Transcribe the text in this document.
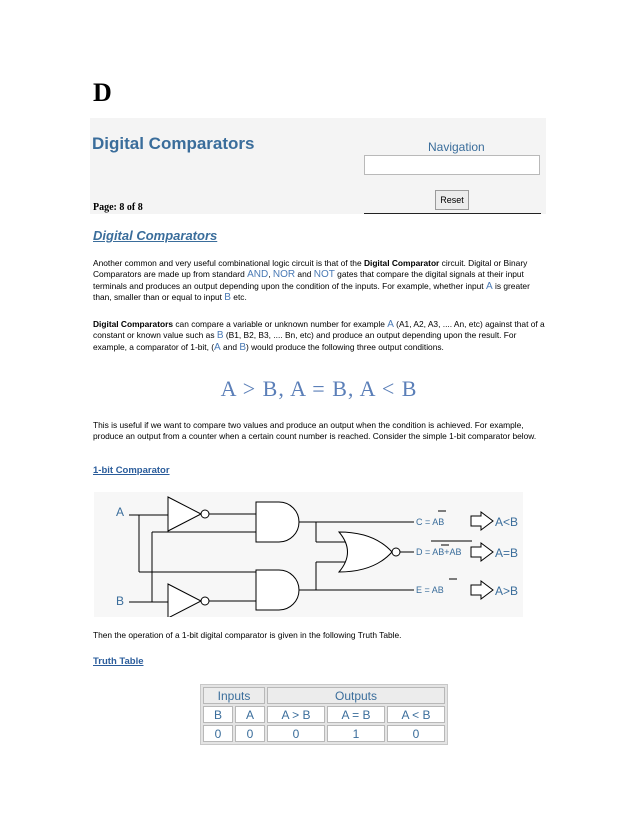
D
Digital Comparators	Navigation
Reset
Page: 8 of 8
Digital Comparators

Another common and very useful combinational logic circuit is that of the Digital Comparator circuit. Digital or Binary Comparators are made up from standard AND, NOR and NOT gates that compare the digital signals at their input terminals and produces an output depending upon the condition of the inputs. For example, whether input A is greater than, smaller than or equal to input B etc.

Digital Comparators can compare a variable or unknown number for example A (A1, A2, A3, .... An, etc) against that of a constant or known value such as B (B1, B2, B3, .... Bn, etc) and produce an output depending upon the result. For example, a comparator of 1-bit, (A and B) would produce the following three output conditions.

A > B, A = B, A < B

This is useful if we want to compare two values and produce an output when the condition is achieved. For example, produce an output from a counter when a certain count number is reached. Consider the simple 1-bit comparator below.

1-bit Comparator
A
B
C = AB
D = AB+AB
E = AB
A<B
A=B
A>B

Then the operation of a 1-bit digital comparator is given in the following Truth Table.

Truth Table
Inputs		Outputs		
B	A	A > B	A = B	A < B
0	0	0	1	0
